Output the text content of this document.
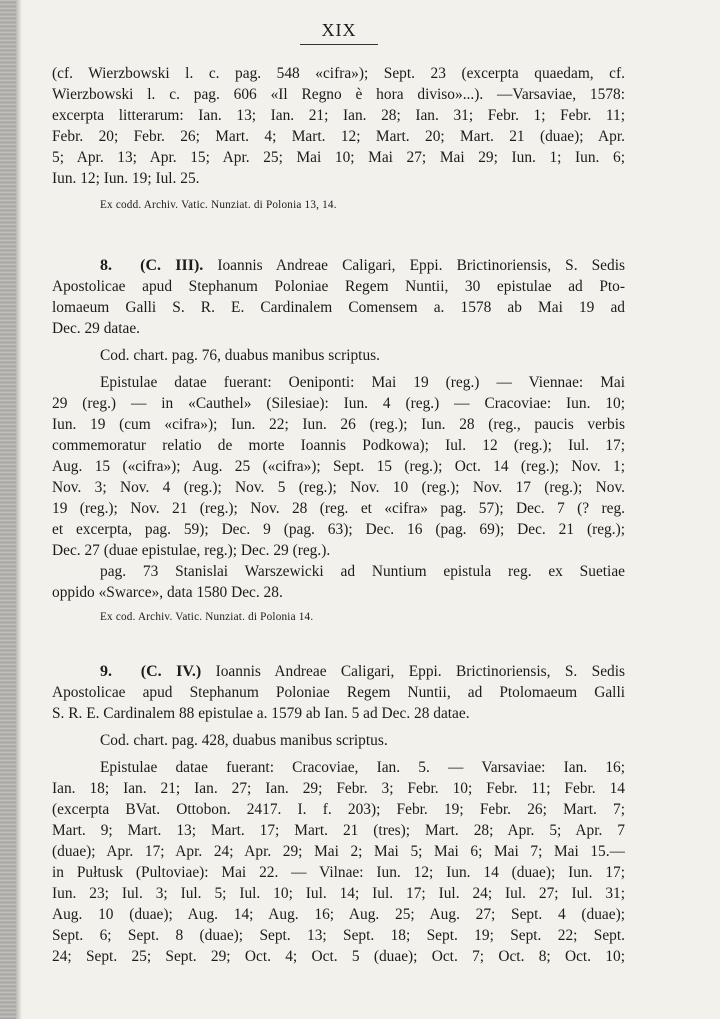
XIX
(cf. Wierzbowski l. c. pag. 548 «cifra»); Sept. 23 (excerpta quaedam, cf.
Wierzbowski l. c. pag. 606 «Il Regno è hora diviso»...). —Varsaviae, 1578:
excerpta litterarum: Ian. 13; Ian. 21; Ian. 28; Ian. 31; Febr. 1; Febr. 11;
Febr. 20; Febr. 26; Mart. 4; Mart. 12; Mart. 20; Mart. 21 (duae); Apr.
5; Apr. 13; Apr. 15; Apr. 25; Mai 10; Mai 27; Mai 29; Iun. 1; Iun. 6;
Iun. 12; Iun. 19; Iul. 25.
Ex codd. Archiv. Vatic. Nunziat. di Polonia 13, 14.
8. (C. III). Ioannis Andreae Caligari, Eppi. Brictinoriensis, S. Sedis
Apostolicae apud Stephanum Poloniae Regem Nuntii, 30 epistulae ad Pto-
lomaeum Galli S. R. E. Cardinalem Comensem a. 1578 ab Mai 19 ad
Dec. 29 datae.
Cod. chart. pag. 76, duabus manibus scriptus.
Epistulae datae fuerant: Oeniponti: Mai 19 (reg.) — Viennae: Mai
29 (reg.) — in «Cauthel» (Silesiae): Iun. 4 (reg.) — Cracoviae: Iun. 10;
Iun. 19 (cum «cifra»); Iun. 22; Iun. 26 (reg.); Iun. 28 (reg., paucis verbis
commemoratur relatio de morte Ioannis Podkowa); Iul. 12 (reg.); Iul. 17;
Aug. 15 («cifra»); Aug. 25 («cifra»); Sept. 15 (reg.); Oct. 14 (reg.); Nov. 1;
Nov. 3; Nov. 4 (reg.); Nov. 5 (reg.); Nov. 10 (reg.); Nov. 17 (reg.); Nov.
19 (reg.); Nov. 21 (reg.); Nov. 28 (reg. et «cifra» pag. 57); Dec. 7 (? reg.
et excerpta, pag. 59); Dec. 9 (pag. 63); Dec. 16 (pag. 69); Dec. 21 (reg.);
Dec. 27 (duae epistulae, reg.); Dec. 29 (reg.).
pag. 73 Stanislai Warszewicki ad Nuntium epistula reg. ex Suetiae
oppido «Swarce», data 1580 Dec. 28.
Ex cod. Archiv. Vatic. Nunziat. di Polonia 14.
9. (C. IV.) Ioannis Andreae Caligari, Eppi. Brictinoriensis, S. Sedis
Apostolicae apud Stephanum Poloniae Regem Nuntii, ad Ptolomaeum Galli
S. R. E. Cardinalem 88 epistulae a. 1579 ab Ian. 5 ad Dec. 28 datae.
Cod. chart. pag. 428, duabus manibus scriptus.
Epistulae datae fuerant: Cracoviae, Ian. 5. — Varsaviae: Ian. 16;
Ian. 18; Ian. 21; Ian. 27; Ian. 29; Febr. 3; Febr. 10; Febr. 11; Febr. 14
(excerpta BVat. Ottobon. 2417. I. f. 203); Febr. 19; Febr. 26; Mart. 7;
Mart. 9; Mart. 13; Mart. 17; Mart. 21 (tres); Mart. 28; Apr. 5; Apr. 7
(duae); Apr. 17; Apr. 24; Apr. 29; Mai 2; Mai 5; Mai 6; Mai 7; Mai 15.—
in Pułtusk (Pultoviae): Mai 22. — Vilnae: Iun. 12; Iun. 14 (duae); Iun. 17;
Iun. 23; Iul. 3; Iul. 5; Iul. 10; Iul. 14; Iul. 17; Iul. 24; Iul. 27; Iul. 31;
Aug. 10 (duae); Aug. 14; Aug. 16; Aug. 25; Aug. 27; Sept. 4 (duae);
Sept. 6; Sept. 8 (duae); Sept. 13; Sept. 18; Sept. 19; Sept. 22; Sept.
24; Sept. 25; Sept. 29; Oct. 4; Oct. 5 (duae); Oct. 7; Oct. 8; Oct. 10;
